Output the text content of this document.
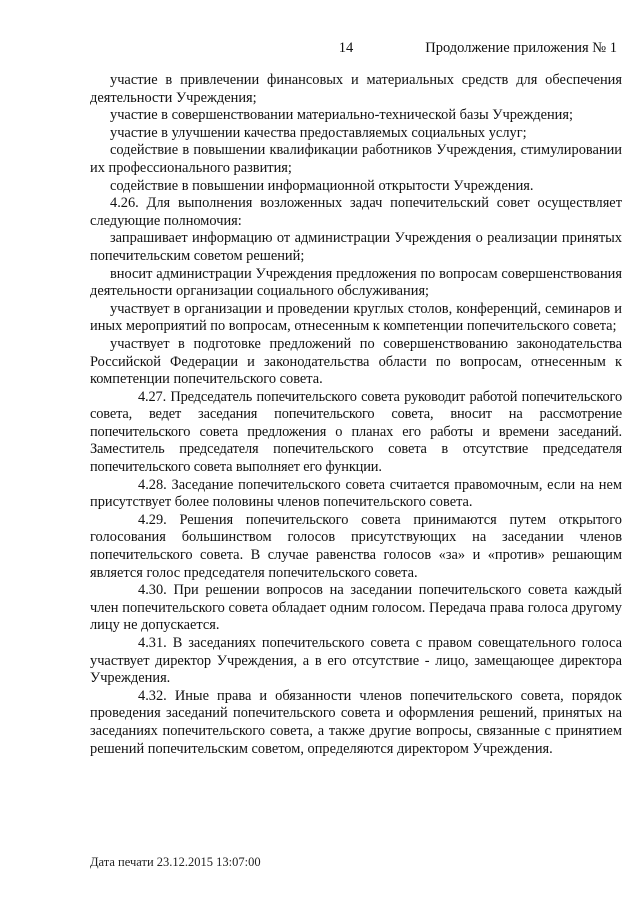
14	Продолжение приложения № 1

участие в привлечении финансовых и материальных средств для обеспечения деятельности Учреждения;

участие в совершенствовании материально-технической базы Учреждения;

участие в улучшении качества предоставляемых социальных услуг;

содействие в повышении квалификации работников Учреждения, стимулировании их профессионального развития;

содействие в повышении информационной открытости Учреждения.

4.26. Для выполнения возложенных задач попечительский совет осуществляет следующие полномочия:

запрашивает информацию от администрации Учреждения о реализации принятых попечительским советом решений;

вносит администрации Учреждения предложения по вопросам совершенствования деятельности организации социального обслуживания;

участвует в организации и проведении круглых столов, конференций, семинаров и иных мероприятий по вопросам, отнесенным к компетенции попечительского совета;

участвует в подготовке предложений по совершенствованию законодательства Российской Федерации и законодательства области по вопросам, отнесенным к компетенции попечительского совета.

4.27. Председатель попечительского совета руководит работой попечительского совета, ведет заседания попечительского совета, вносит на рассмотрение попечительского совета предложения о планах его работы и времени заседаний. Заместитель председателя попечительского совета в отсутствие председателя попечительского совета выполняет его функции.

4.28. Заседание попечительского совета считается правомочным, если на нем присутствует более половины членов попечительского совета.

4.29. Решения попечительского совета принимаются путем открытого голосования большинством голосов присутствующих на заседании членов попечительского совета. В случае равенства голосов «за» и «против» решающим является голос председателя попечительского совета.

4.30. При решении вопросов на заседании попечительского совета каждый член попечительского совета обладает одним голосом. Передача права голоса другому лицу не допускается.

4.31. В заседаниях попечительского совета с правом совещательного голоса участвует директор Учреждения, а в его отсутствие - лицо, замещающее директора Учреждения.

4.32. Иные права и обязанности членов попечительского совета, порядок проведения заседаний попечительского совета и оформления решений, принятых на заседаниях попечительского совета, а также другие вопросы, связанные с принятием решений попечительским советом, определяются директором Учреждения.

Дата печати 23.12.2015 13:07:00
